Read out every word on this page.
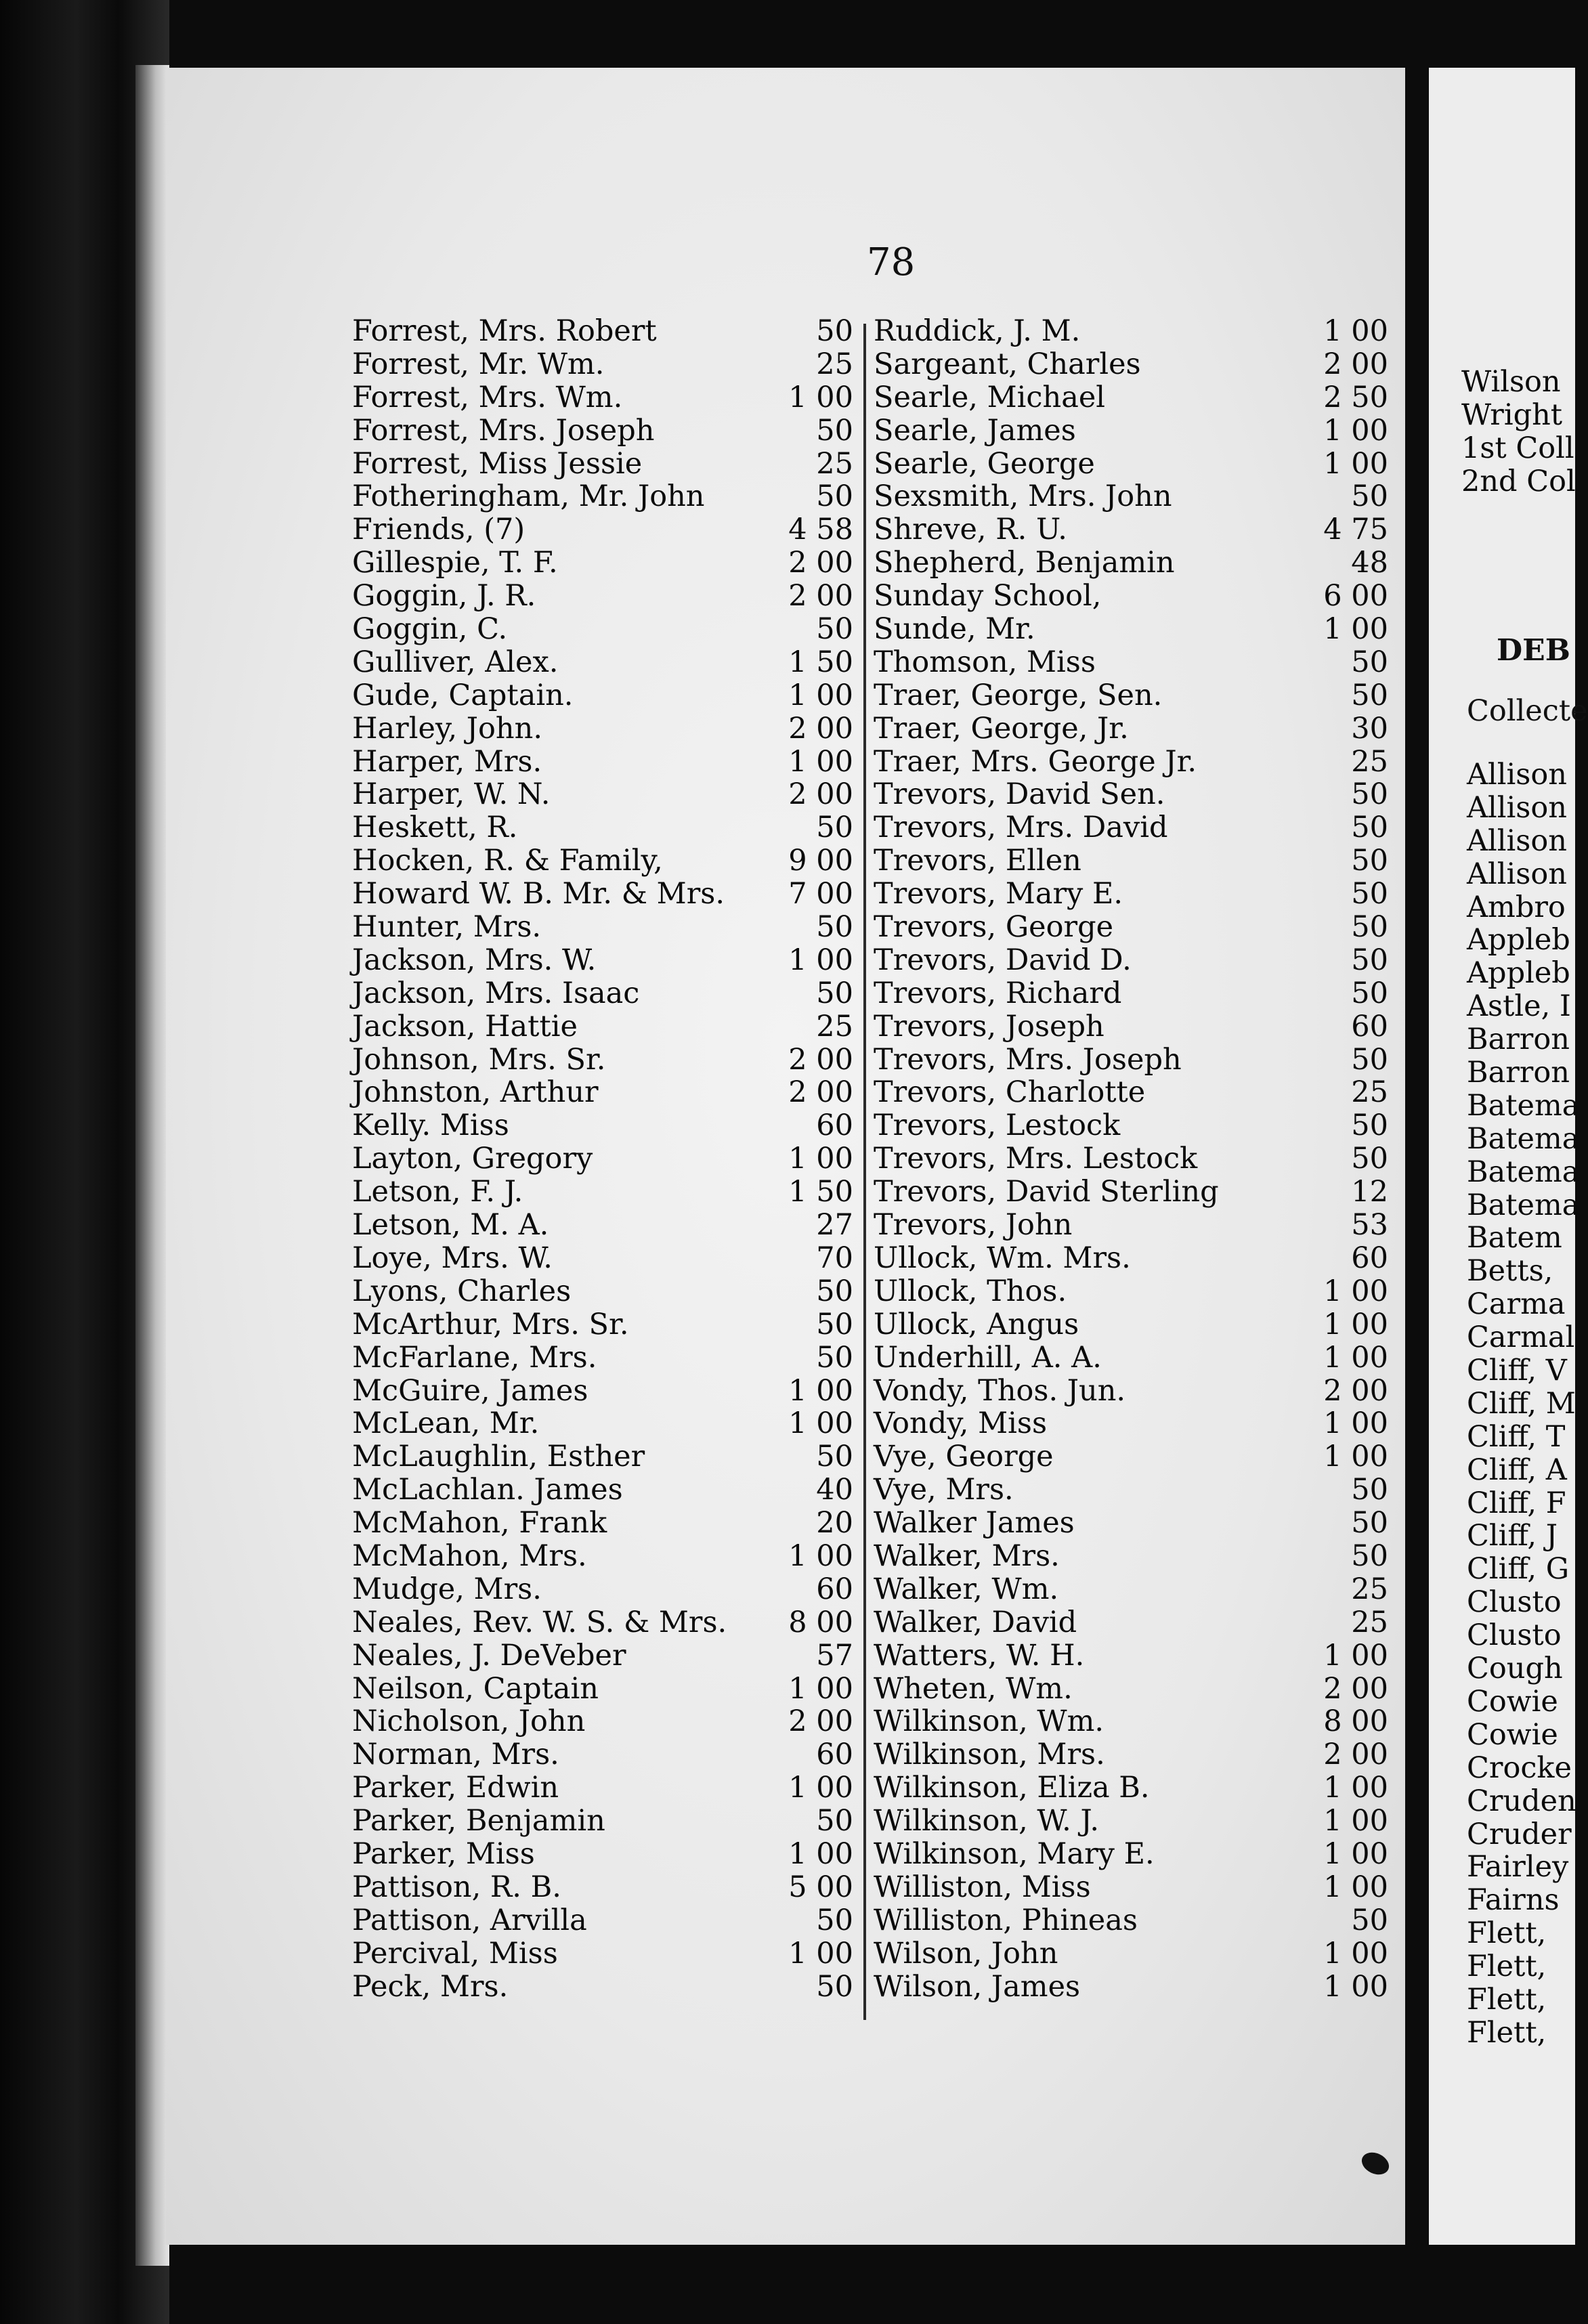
78
Forrest, Mrs. Robert	50
Forrest, Mr. Wm.	25
Forrest, Mrs. Wm.	1 00
Forrest, Mrs. Joseph	50
Forrest, Miss Jessie	25
Fotheringham, Mr. John	50
Friends, (7)	4 58
Gillespie, T. F.	2 00
Goggin, J. R.	2 00
Goggin, C.	50
Gulliver, Alex.	1 50
Gude, Captain.	1 00
Harley, John.	2 00
Harper, Mrs.	1 00
Harper, W. N.	2 00
Heskett, R.	50
Hocken, R. & Family,	9 00
Howard W. B. Mr. & Mrs.	7 00
Hunter, Mrs.	50
Jackson, Mrs. W.	1 00
Jackson, Mrs. Isaac	50
Jackson, Hattie	25
Johnson, Mrs. Sr.	2 00
Johnston, Arthur	2 00
Kelly. Miss	60
Layton, Gregory	1 00
Letson, F. J.	1 50
Letson, M. A.	27
Loye, Mrs. W.	70
Lyons, Charles	50
McArthur, Mrs. Sr.	50
McFarlane, Mrs.	50
McGuire, James	1 00
McLean, Mr.	1 00
McLaughlin, Esther	50
McLachlan. James	40
McMahon, Frank	20
McMahon, Mrs.	1 00
Mudge, Mrs.	60
Neales, Rev. W. S. & Mrs.	8 00
Neales, J. DeVeber	57
Neilson, Captain	1 00
Nicholson, John	2 00
Norman, Mrs.	60
Parker, Edwin	1 00
Parker, Benjamin	50
Parker, Miss	1 00
Pattison, R. B.	5 00
Pattison, Arvilla	50
Percival, Miss	1 00
Peck, Mrs.	50
Ruddick, J. M.	1 00
Sargeant, Charles	2 00
Searle, Michael	2 50
Searle, James	1 00
Searle, George	1 00
Sexsmith, Mrs. John	50
Shreve, R. U.	4 75
Shepherd, Benjamin	48
Sunday School,	6 00
Sunde, Mr.	1 00
Thomson, Miss	50
Traer, George, Sen.	50
Traer, George, Jr.	30
Traer, Mrs. George Jr.	25
Trevors, David Sen.	50
Trevors, Mrs. David	50
Trevors, Ellen	50
Trevors, Mary E.	50
Trevors, George	50
Trevors, David D.	50
Trevors, Richard	50
Trevors, Joseph	60
Trevors, Mrs. Joseph	50
Trevors, Charlotte	25
Trevors, Lestock	50
Trevors, Mrs. Lestock	50
Trevors, David Sterling	12
Trevors, John	53
Ullock, Wm. Mrs.	60
Ullock, Thos.	1 00
Ullock, Angus	1 00
Underhill, A. A.	1 00
Vondy, Thos. Jun.	2 00
Vondy, Miss	1 00
Vye, George	1 00
Vye, Mrs.	50
Walker James	50
Walker, Mrs.	50
Walker, Wm.	25
Walker, David	25
Watters, W. H.	1 00
Wheten, Wm.	2 00
Wilkinson, Wm.	8 00
Wilkinson, Mrs.	2 00
Wilkinson, Eliza B.	1 00
Wilkinson, W. J.	1 00
Wilkinson, Mary E.	1 00
Williston, Miss	1 00
Williston, Phineas	50
Wilson, John	1 00
Wilson, James	1 00
Wilson
Wright
1st Coll
2nd Col
DEB
Collecte
Allison
Allison
Allison
Allison
Ambro
Appleb
Appleb
Astle, I
Barron
Barron
Batema
Batema
Batema
Batema
Batem
Betts,
Carma
Carmal
Cliff, V
Cliff, M
Cliff, T
Cliff, A
Cliff, F
Cliff, J
Cliff, G
Clusto
Clusto
Cough
Cowie
Cowie
Crocke
Cruden
Cruder
Fairley
Fairns
Flett,
Flett,
Flett,
Flett,
